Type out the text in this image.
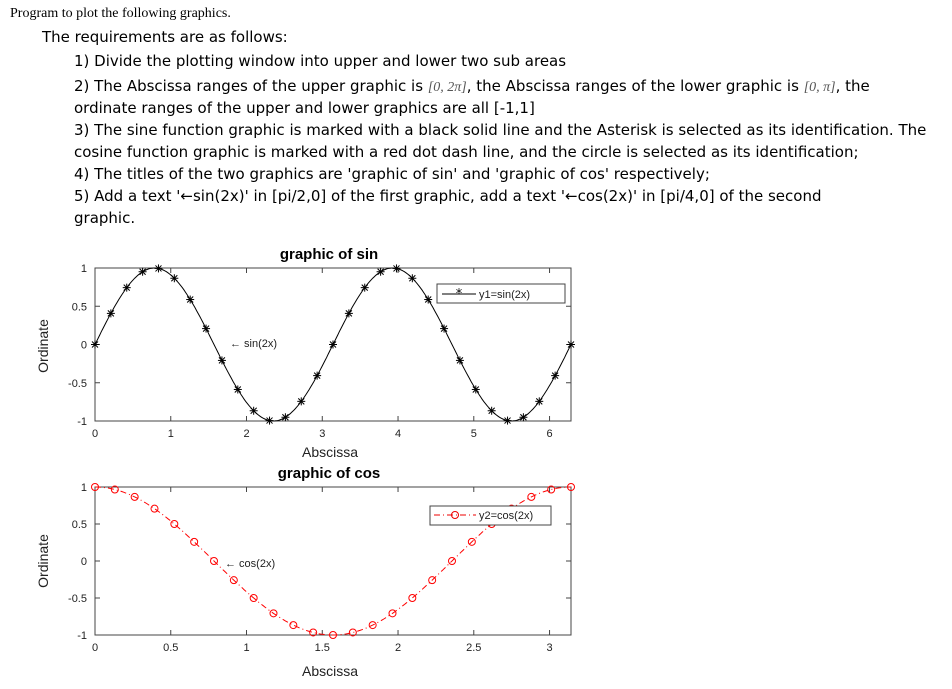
Program to plot the following graphics.
The requirements are as follows:
1) Divide the plotting window into upper and lower two sub areas
2) The Abscissa ranges of the upper graphic is [0, 2π], the Abscissa ranges of the lower graphic is [0, π], the
ordinate ranges of the upper and lower graphics are all [-1,1]
3) The sine function graphic is marked with a black solid line and the Asterisk is selected as its identification. The
cosine function graphic is marked with a red dot dash line, and the circle is selected as its identification;
4) The titles of the two graphics are 'graphic of sin' and 'graphic of cos' respectively;
5) Add a text '←sin(2x)' in [pi/2,0] of the first graphic, add a text '←cos(2x)' in [pi/4,0] of the second
graphic.
graphic of sin
0	1	2	3	4	5	6
1
0.5
0
-0.5
-1
← sin(2x)
* y1=sin(2x)
Abscissa
Ordinate
graphic of cos
0	0.5	1	1.5	2	2.5	3
1
0.5
0
-0.5
-1
← cos(2x)
y2=cos(2x)
Abscissa
Ordinate
